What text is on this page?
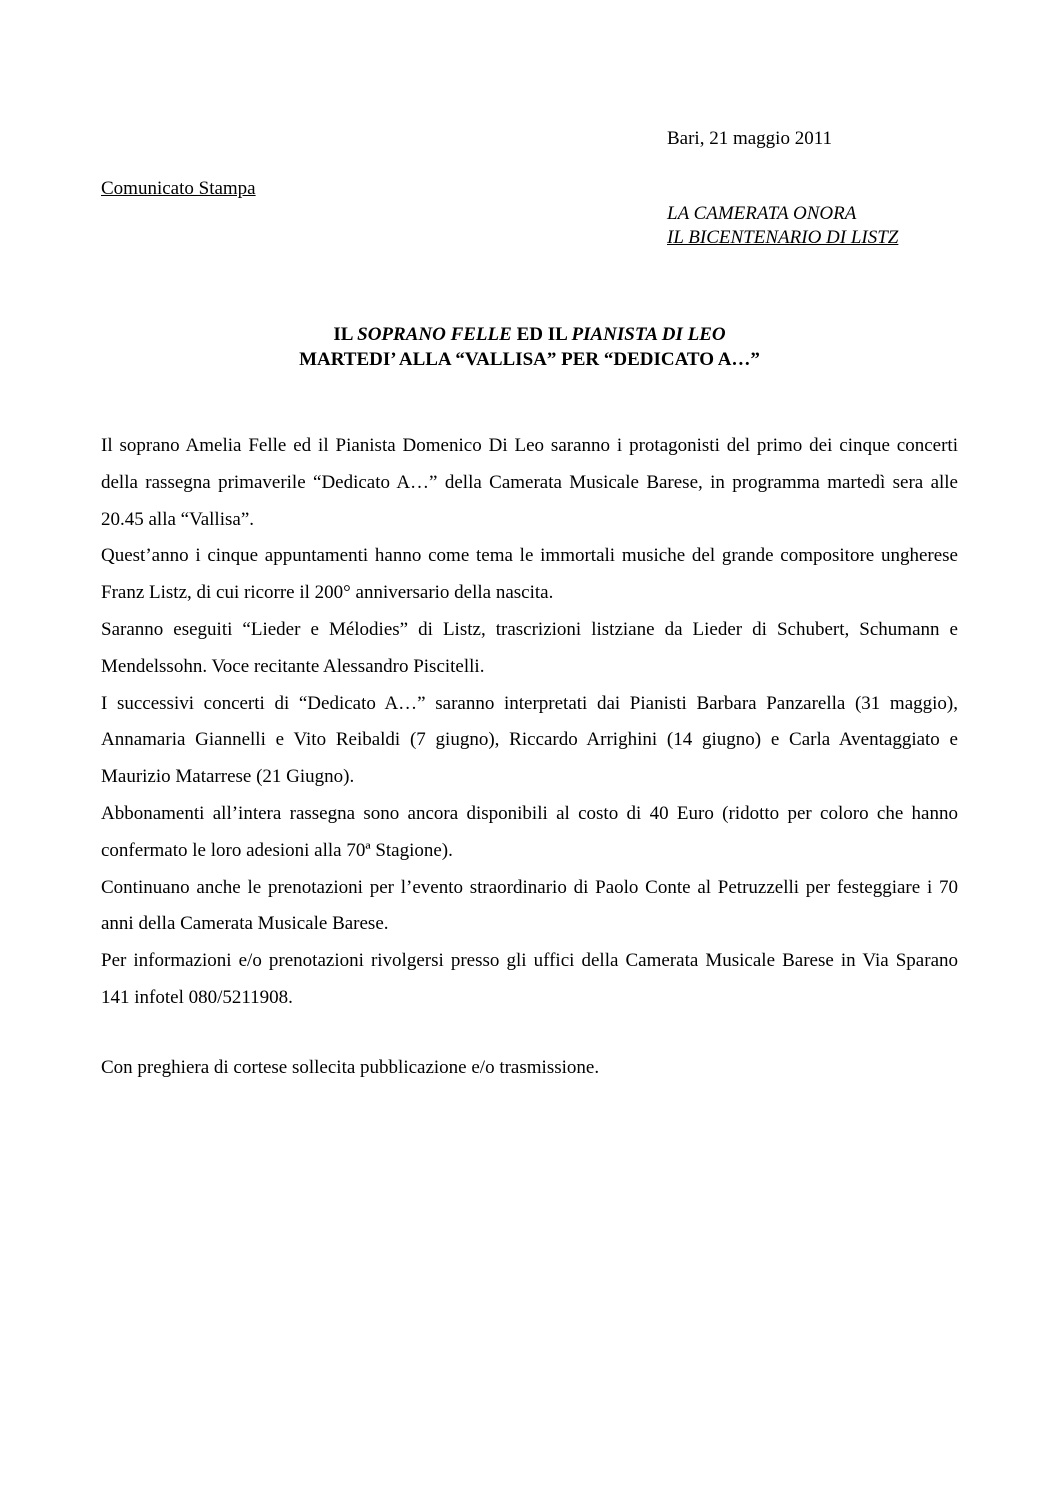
Bari, 21 maggio 2011
Comunicato Stampa
LA CAMERATA ONORA
IL BICENTENARIO DI LISTZ
IL SOPRANO FELLE ED IL PIANISTA DI LEO
MARTEDI’ ALLA “VALLISA” PER “DEDICATO A…”

Il soprano Amelia Felle ed il Pianista Domenico Di Leo saranno i protagonisti del primo dei cinque concerti della rassegna primaverile “Dedicato A…” della Camerata Musicale Barese, in programma martedì sera alle 20.45 alla “Vallisa”.

Quest’anno i cinque appuntamenti hanno come tema le immortali musiche del grande compositore ungherese Franz Listz, di cui ricorre il 200° anniversario della nascita.

Saranno eseguiti “Lieder e Mélodies” di Listz, trascrizioni listziane da Lieder di Schubert, Schumann e Mendelssohn. Voce recitante Alessandro Piscitelli.

I successivi concerti di “Dedicato A…” saranno interpretati dai Pianisti Barbara Panzarella (31 maggio), Annamaria Giannelli e Vito Reibaldi (7 giugno), Riccardo Arrighini (14 giugno) e Carla Aventaggiato e Maurizio Matarrese (21 Giugno).

Abbonamenti all’intera rassegna sono ancora disponibili al costo di 40 Euro (ridotto per coloro che hanno confermato le loro adesioni alla 70ª Stagione).

Continuano anche le prenotazioni per l’evento straordinario di Paolo Conte al Petruzzelli per festeggiare i 70 anni della Camerata Musicale Barese.

Per informazioni e/o prenotazioni rivolgersi presso gli uffici della Camerata Musicale Barese in Via Sparano 141 infotel 080/5211908.

Con preghiera di cortese sollecita pubblicazione e/o trasmissione.
